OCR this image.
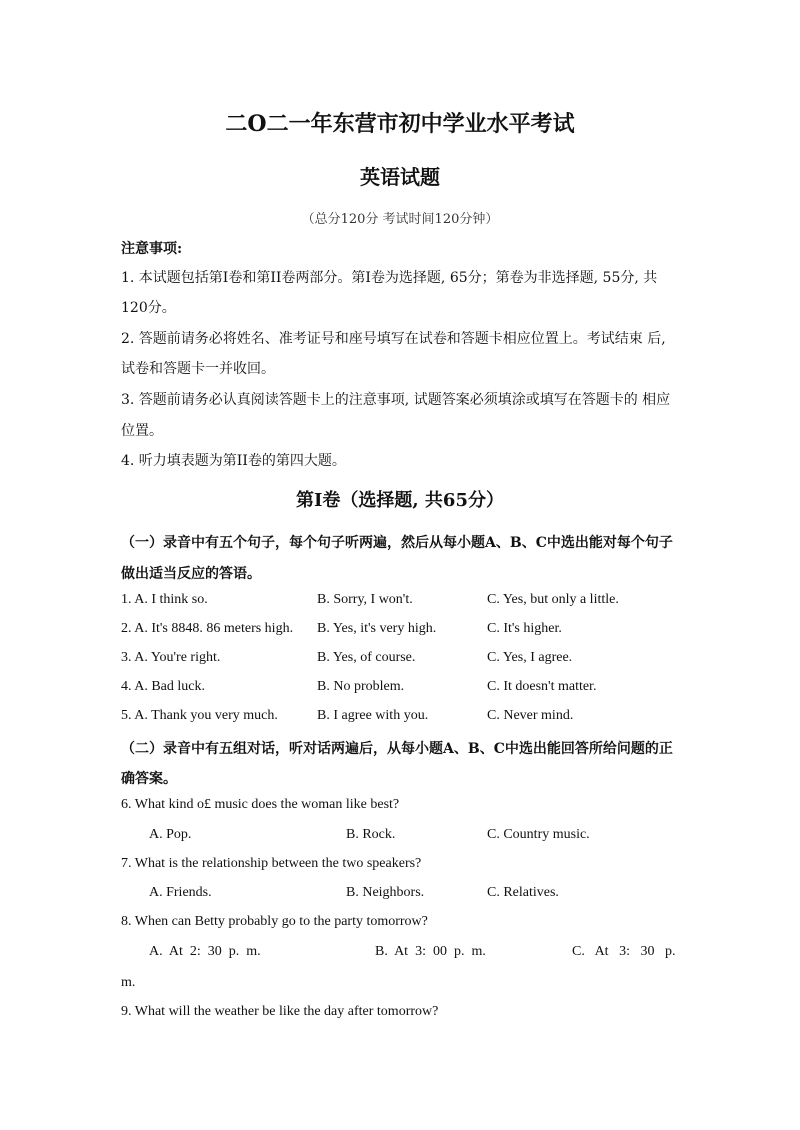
二O二一年东营市初中学业水平考试
英语试题
（总分120分 考试时间120分钟）
注意事项:
1. 本试题包括第I卷和第II卷两部分。第I卷为选择题, 65分；第卷为非选择题, 55分, 共
120分。
2. 答题前请务必将姓名、准考证号和座号填写在试卷和答题卡相应位置上。考试结束 后,
试卷和答题卡一并收回。
3. 答题前请务必认真阅读答题卡上的注意事项, 试题答案必须填涂或填写在答题卡的 相应
位置。
4. 听力填表题为第II卷的第四大题。
第I卷（选择题, 共65分）
（一）录音中有五个句子，每个句子听两遍，然后从每小题A、B、C中选出能对每个句子
做出适当反应的答语。
1. A. I think so.	B. Sorry, I won't.	C. Yes, but only a little.
2. A. It's 8848. 86 meters high. B. Yes, it's very high.	C. It's higher.
3. A. You're right.	B. Yes, of course.	C. Yes, I agree.
4. A. Bad luck.	B. No problem.	C. It doesn't matter.
5. A. Thank you very much.	B. I agree with you.	C. Never mind.
（二）录音中有五组对话，听对话两遍后，从每小题A、B、C中选出能回答所给问题的正
确答案。
6. What kind o£ music does the woman like best?
A. Pop.	B. Rock.	C. Country music.
7. What is the relationship between the two speakers?
A. Friends.	B. Neighbors.	C. Relatives.
8. When can Betty probably go to the party tomorrow?
A.  At  2:  30  p.  m.	B.  At  3:  00  p.  m.	C.   At   3:   30   p.
m.
9. What will the weather be like the day after tomorrow?
